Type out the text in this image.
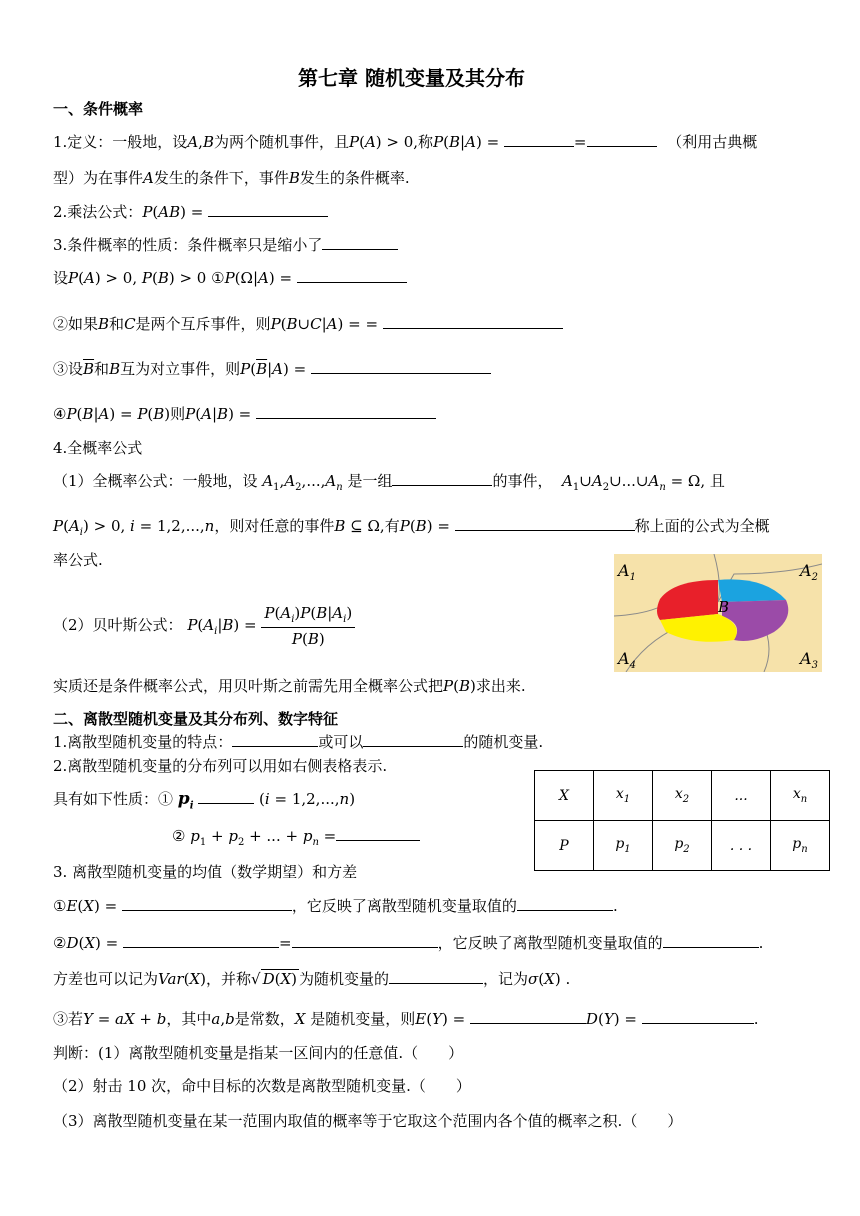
第七章 随机变量及其分布
一、条件概率
1.定义：一般地，设A,B为两个随机事件，且P(A) > 0,称P(B|A) =	=	（利用古典概
型）为在事件A发生的条件下，事件B发生的条件概率.
2.乘法公式：P(AB) =
3.条件概率的性质：条件概率只是缩小了
设P(A) > 0, P(B) > 0 ①P(Ω|A) =
②如果B和C是两个互斥事件，则P(B∪C|A) = =
③设$\overline{B}$和B互为对立事件，则$P(\overline{B}|A)$ =
④P(B|A) = P(B)则P(A|B) =
4.全概率公式
（1）全概率公式：一般地，设 $A_1,A_2,...,A_n$ 是一组	的事件， $A_1\cup A_2\cup...\cup A_n = \Omega$, 且
$P(A_i) > 0$, i = 1,2,...,n，则对任意的事件B ⊆ Ω,有P(B) =	称上面的公式为全概
率公式.
（2）贝叶斯公式： $P(A_i|B) = \frac{P(A_i)P(B|A_i)}{P(B)}$
实质还是条件概率公式，用贝叶斯之前需先用全概率公式把P(B)求出来.
$A_1$	$A_2$
$A_3$
$A_4$
B
二、离散型随机变量及其分布列、数字特征
1.离散型随机变量的特点：	或可以	的随机变量.
2.离散型随机变量的分布列可以用如右侧表格表示.
具有如下性质：① $p_i$	(i = 1,2,...,n)
② $p_1 + p_2$ + ... + $p_n$ =
X	$x_1$	$x_2$	...	$x_n$
P	$p_1$	$p_2$	. . .	$p_n$
3. 离散型随机变量的均值（数学期望）和方差
①E(X) =	，它反映了离散型随机变量取值的	.
②D(X) =	=	，它反映了离散型随机变量取值的	.
方差也可以记为Var(X)，并称√ D(X) 为随机变量的	，记为σ(X) .
③若Y = aX + b，其中a,b是常数，X 是随机变量，则E(Y) =	D(Y) =	.
判断：(1）离散型随机变量是指某一区间内的任意值.（　　）
（2）射击 10 次，命中目标的次数是离散型随机变量.（　　）
（3）离散型随机变量在某一范围内取值的概率等于它取这个范围内各个值的概率之积.（　　）
